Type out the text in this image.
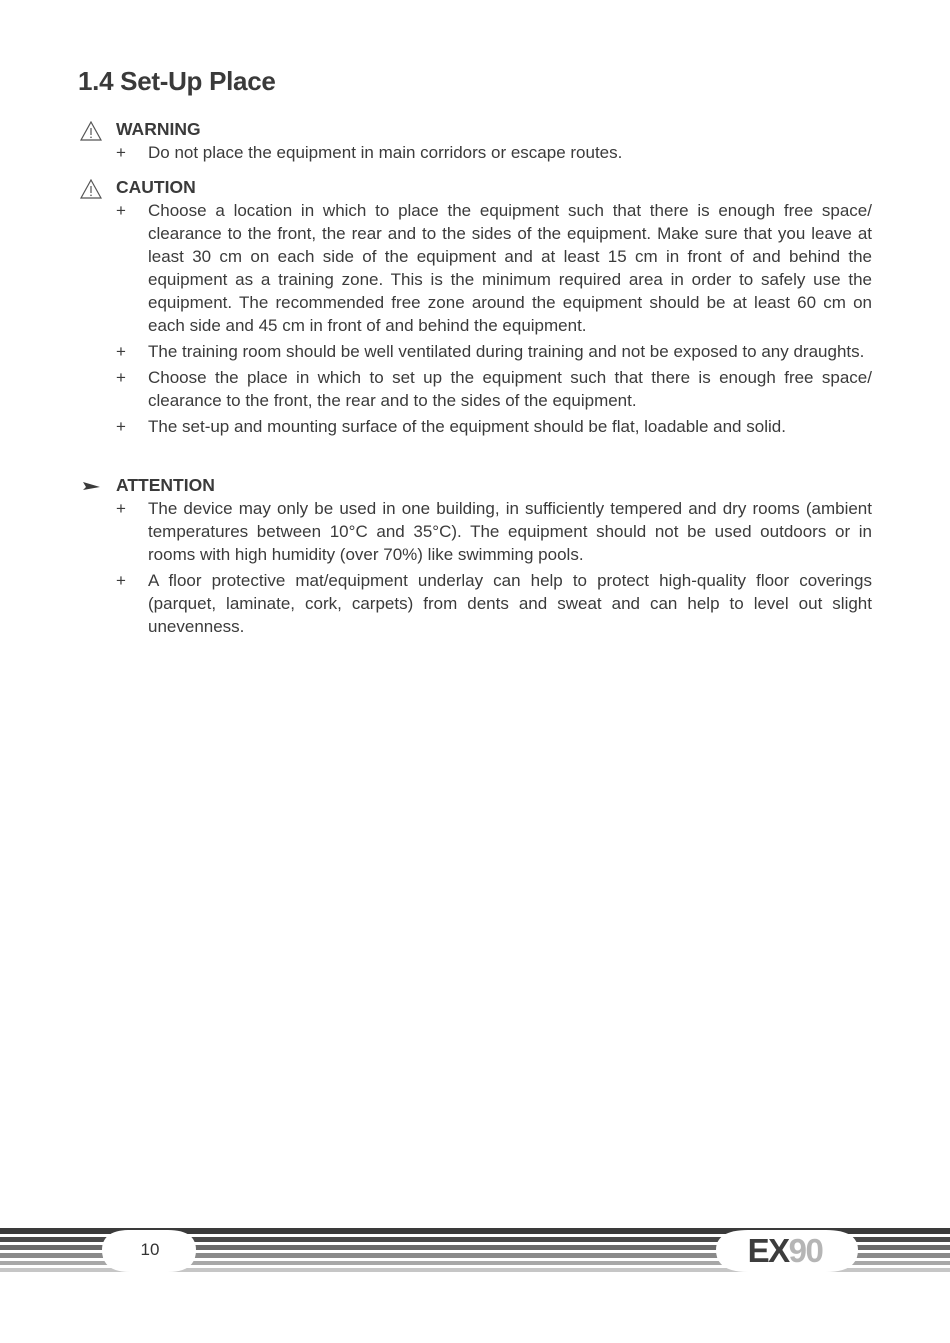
1.4 Set-Up Place
WARNING
+ Do not place the equipment in main corridors or escape routes.
CAUTION
+ Choose a location in which to place the equipment such that there is enough free space/ clearance to the front, the rear and to the sides of the equipment. Make sure that you leave at least 30 cm on each side of the equipment and at least 15 cm in front of and behind the equipment as a training zone. This is the minimum required area in order to safely use the equipment. The recommended free zone around the equipment should be at least 60 cm on each side and 45 cm in front of and behind the equipment.
+ The training room should be well ventilated during training and not be exposed to any draughts.
+ Choose the place in which to set up the equipment such that there is enough free space/ clearance to the front, the rear and to the sides of the equipment.
+ The set-up and mounting surface of the equipment should be flat, loadable and solid.
ATTENTION
+ The device may only be used in one building, in sufficiently tempered and dry rooms (ambient temperatures between 10°C and 35°C). The equipment should not be used outdoors or in rooms with high humidity (over 70%) like swimming pools.
+ A floor protective mat/equipment underlay can help to protect high-quality floor coverings (parquet, laminate, cork, carpets) from dents and sweat and can help to level out slight unevenness.
10	EX90
